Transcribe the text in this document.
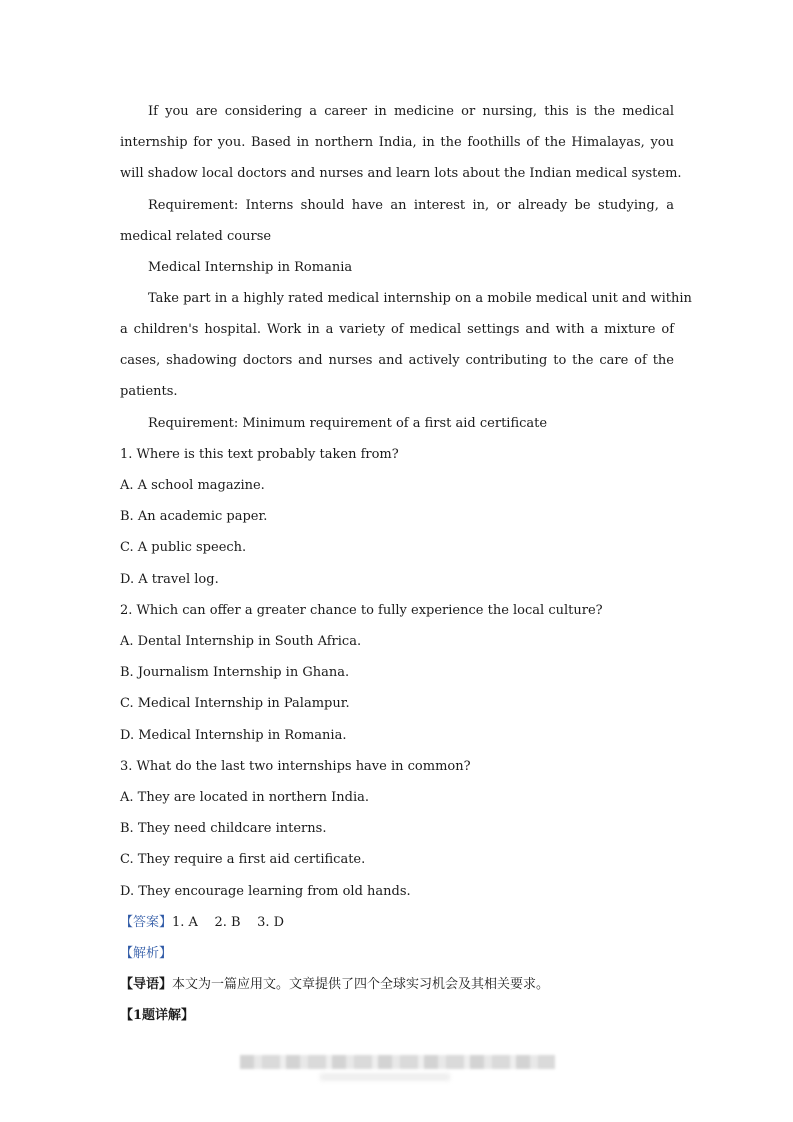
If you are considering a career in medicine or nursing, this is the medical
internship for you. Based in northern India, in the foothills of the Himalayas, you
will shadow local doctors and nurses and learn lots about the Indian medical system.
Requirement: Interns should have an interest in, or already be studying, a
medical related course
Medical Internship in Romania
Take part in a highly rated medical internship on a mobile medical unit and within
a children's hospital. Work in a variety of medical settings and with a mixture of
cases, shadowing doctors and nurses and actively contributing to the care of the
patients.
Requirement: Minimum requirement of a first aid certificate
1. Where is this text probably taken from?
A. A school magazine.
B. An academic paper.
C. A public speech.
D. A travel log.
2. Which can offer a greater chance to fully experience the local culture?
A. Dental Internship in South Africa.
B. Journalism Internship in Ghana.
C. Medical Internship in Palampur.
D. Medical Internship in Romania.
3. What do the last two internships have in common?
A. They are located in northern India.
B. They need childcare interns.
C. They require a first aid certificate.
D. They encourage learning from old hands.
【答案】1. A    2. B    3. D
【解析】
【导语】本文为一篇应用文。文章提供了四个全球实习机会及其相关要求。
【1题详解】
